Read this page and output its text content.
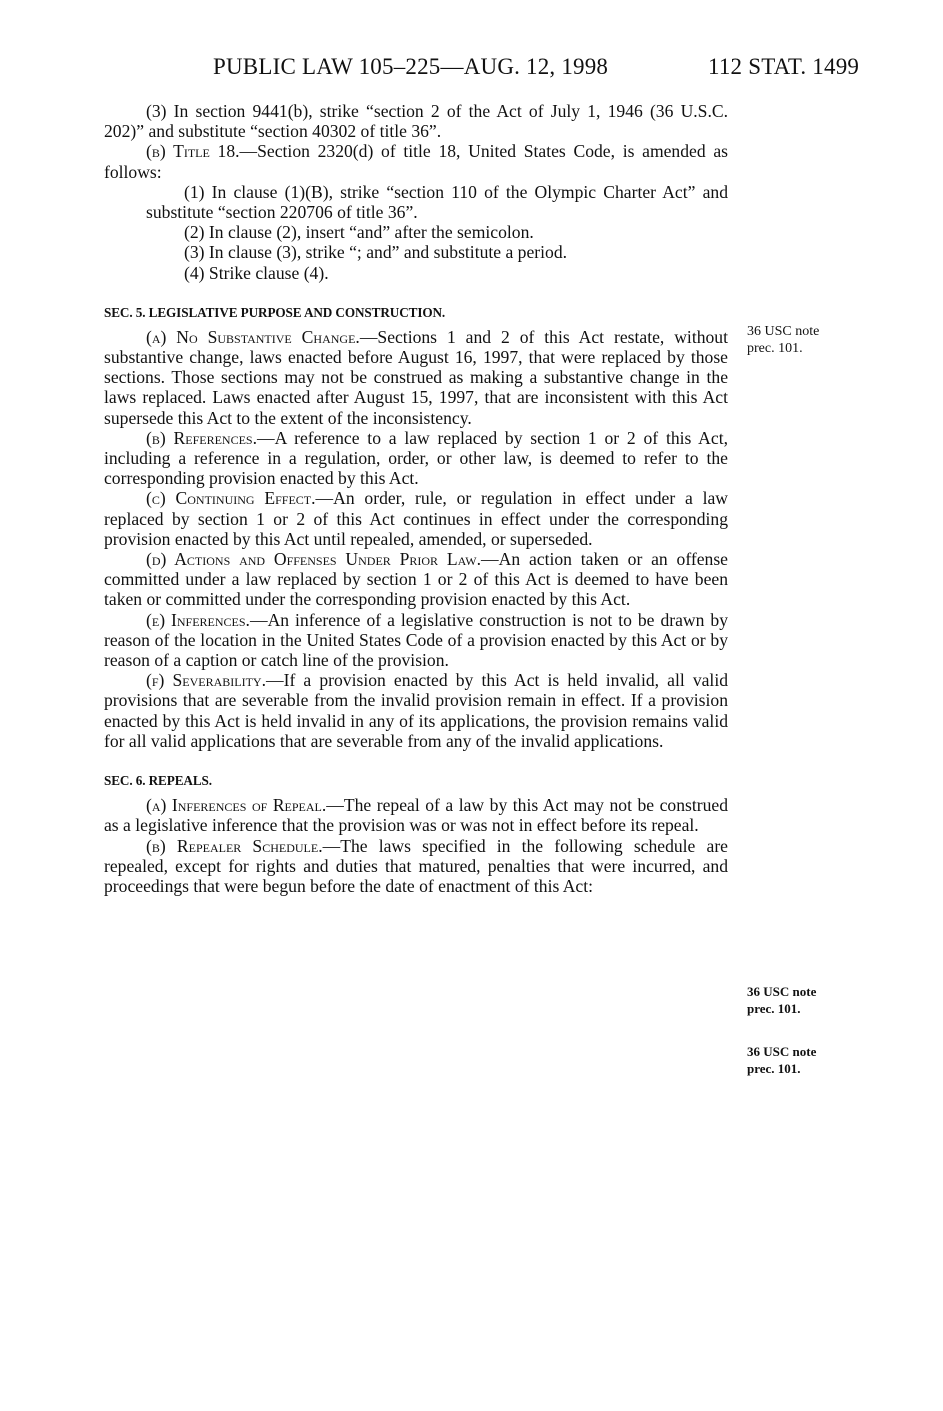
PUBLIC LAW 105–225—AUG. 12, 1998	112 STAT. 1499

(3) In section 9441(b), strike “section 2 of the Act of July 1, 1946 (36 U.S.C. 202)” and substitute “section 40302 of title 36”.

(b) Title 18.—Section 2320(d) of title 18, United States Code, is amended as follows:

(1) In clause (1)(B), strike “section 110 of the Olympic Charter Act” and substitute “section 220706 of title 36”.

(2) In clause (2), insert “and” after the semicolon.

(3) In clause (3), strike “; and” and substitute a period.

(4) Strike clause (4).

SEC. 5. LEGISLATIVE PURPOSE AND CONSTRUCTION.

(a) No Substantive Change.—Sections 1 and 2 of this Act restate, without substantive change, laws enacted before August 16, 1997, that were replaced by those sections. Those sections may not be construed as making a substantive change in the laws replaced. Laws enacted after August 15, 1997, that are inconsistent with this Act supersede this Act to the extent of the inconsistency.

(b) References.—A reference to a law replaced by section 1 or 2 of this Act, including a reference in a regulation, order, or other law, is deemed to refer to the corresponding provision enacted by this Act.

(c) Continuing Effect.—An order, rule, or regulation in effect under a law replaced by section 1 or 2 of this Act continues in effect under the corresponding provision enacted by this Act until repealed, amended, or superseded.

(d) Actions and Offenses Under Prior Law.—An action taken or an offense committed under a law replaced by section 1 or 2 of this Act is deemed to have been taken or committed under the corresponding provision enacted by this Act.

(e) Inferences.—An inference of a legislative construction is not to be drawn by reason of the location in the United States Code of a provision enacted by this Act or by reason of a caption or catch line of the provision.

(f) Severability.—If a provision enacted by this Act is held invalid, all valid provisions that are severable from the invalid provision remain in effect. If a provision enacted by this Act is held invalid in any of its applications, the provision remains valid for all valid applications that are severable from any of the invalid applications.

SEC. 6. REPEALS.

(a) Inferences of Repeal.—The repeal of a law by this Act may not be construed as a legislative inference that the provision was or was not in effect before its repeal.

(b) Repealer Schedule.—The laws specified in the following schedule are repealed, except for rights and duties that matured, penalties that were incurred, and proceedings that were begun before the date of enactment of this Act:

36 USC note
prec. 101.
36 USC note
prec. 101.
36 USC note
prec. 101.
